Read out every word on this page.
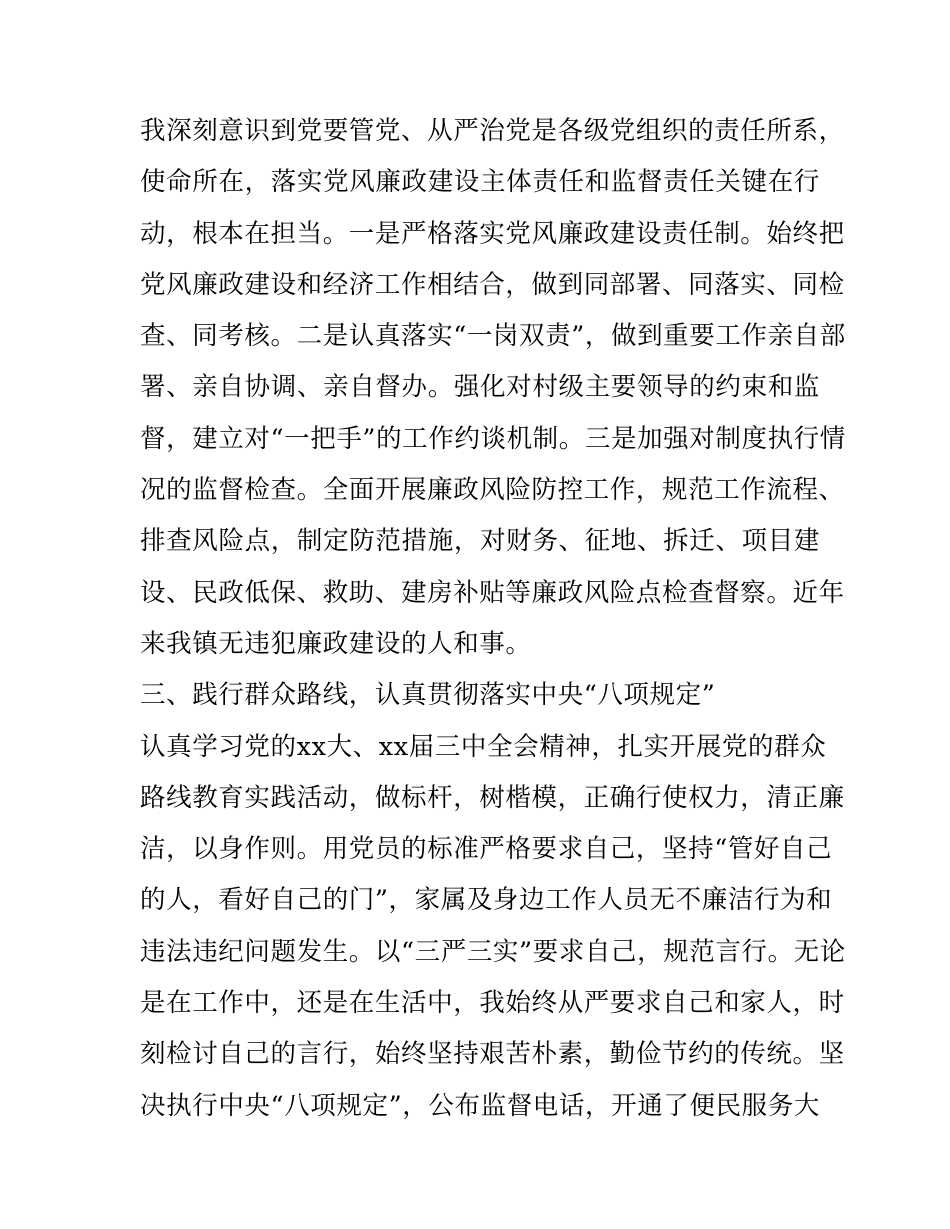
我深刻意识到党要管党、从严治党是各级党组织的责任所系，
使命所在，落实党风廉政建设主体责任和监督责任关键在行
动，根本在担当。一是严格落实党风廉政建设责任制。始终把
党风廉政建设和经济工作相结合，做到同部署、同落实、同检
查、同考核。二是认真落实“一岗双责”，做到重要工作亲自部
署、亲自协调、亲自督办。强化对村级主要领导的约束和监
督，建立对“一把手”的工作约谈机制。三是加强对制度执行情
况的监督检查。全面开展廉政风险防控工作，规范工作流程、
排查风险点，制定防范措施，对财务、征地、拆迁、项目建
设、民政低保、救助、建房补贴等廉政风险点检查督察。近年
来我镇无违犯廉政建设的人和事。
三、践行群众路线，认真贯彻落实中央“八项规定”
认真学习党的xx大、xx届三中全会精神，扎实开展党的群众
路线教育实践活动，做标杆，树楷模，正确行使权力，清正廉
洁，以身作则。用党员的标准严格要求自己，坚持“管好自己
的人，看好自己的门”，家属及身边工作人员无不廉洁行为和
违法违纪问题发生。以“三严三实”要求自己，规范言行。无论
是在工作中，还是在生活中，我始终从严要求自己和家人，时
刻检讨自己的言行，始终坚持艰苦朴素，勤俭节约的传统。坚
决执行中央“八项规定”，公布监督电话，开通了便民服务大
